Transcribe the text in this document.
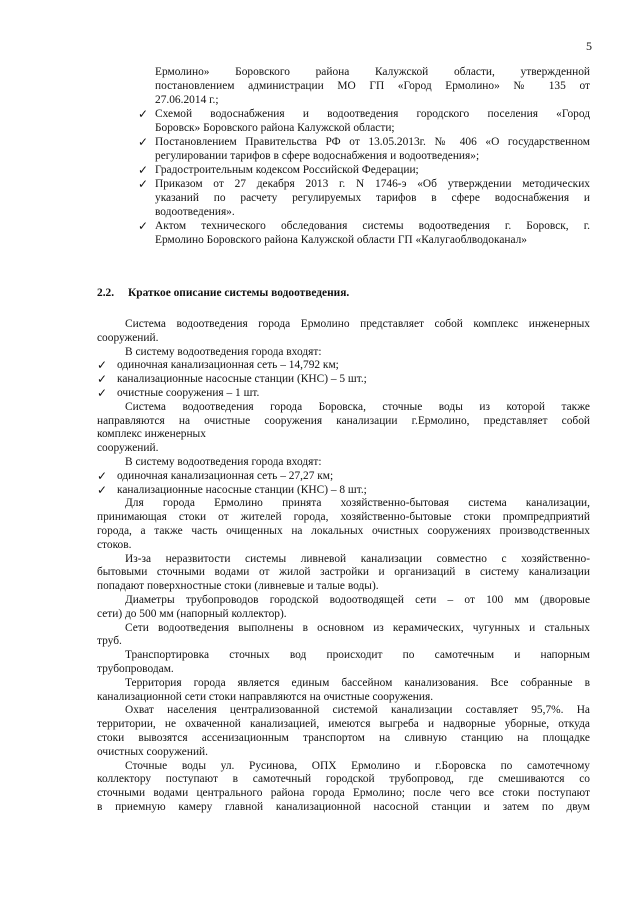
5
Ермолино» Боровского района Калужской области, утвержденной
постановлением администрации МО ГП «Город Ермолино» № 135 от
27.06.2014 г.;
✓ Схемой водоснабжения и водоотведения городского поселения «Город
Боровск» Боровского района Калужской области;
✓ Постановлением Правительства РФ от 13.05.2013г. № 406 «О государственном
регулировании тарифов в сфере водоснабжения и водоотведения»;
✓ Градостроительным кодексом Российской Федерации;
✓ Приказом от 27 декабря 2013 г. N 1746-э «Об утверждении методических
указаний по расчету регулируемых тарифов в сфере водоснабжения и
водоотведения».
✓ Актом технического обследования системы водоотведения г. Боровск, г.
Ермолино Боровского района Калужской области ГП «Калугаоблводоканал»
2.2. Краткое описание системы водоотведения.
Система водоотведения города Ермолино представляет собой комплекс инженерных
сооружений.
В систему водоотведения города входят:
✓ одиночная канализационная сеть – 14,792 км;
✓ канализационные насосные станции (КНС) – 5 шт.;
✓ очистные сооружения – 1 шт.
Система водоотведения города Боровска, сточные воды из которой также
направляются на очистные сооружения канализации г.Ермолино, представляет собой
комплекс инженерных
сооружений.
В систему водоотведения города входят:
✓ одиночная канализационная сеть – 27,27 км;
✓ канализационные насосные станции (КНС) – 8 шт.;
Для города Ермолино принята хозяйственно-бытовая система канализации,
принимающая стоки от жителей города, хозяйственно-бытовые стоки промпредприятий
города, а также часть очищенных на локальных очистных сооружениях производственных
стоков.
Из-за неразвитости системы ливневой канализации совместно с хозяйственно-
бытовыми сточными водами от жилой застройки и организаций в систему канализации
попадают поверхностные стоки (ливневые и талые воды).
Диаметры трубопроводов городской водоотводящей сети – от 100 мм (дворовые
сети) до 500 мм (напорный коллектор).
Сети водоотведения выполнены в основном из керамических, чугунных и стальных
труб.
Транспортировка сточных вод происходит по самотечным и напорным
трубопроводам.
Территория города является единым бассейном канализования. Все собранные в
канализационной сети стоки направляются на очистные сооружения.
Охват населения централизованной системой канализации составляет 95,7%. На
территории, не охваченной канализацией, имеются выгреба и надворные уборные, откуда
стоки вывозятся ассенизационным транспортом на сливную станцию на площадке
очистных сооружений.
Сточные воды ул. Русинова, ОПХ Ермолино и г.Боровска по самотечному
коллектору поступают в самотечный городской трубопровод, где смешиваются со
сточными водами центрального района города Ермолино; после чего все стоки поступают
в приемную камеру главной канализационной насосной станции и затем по двум
